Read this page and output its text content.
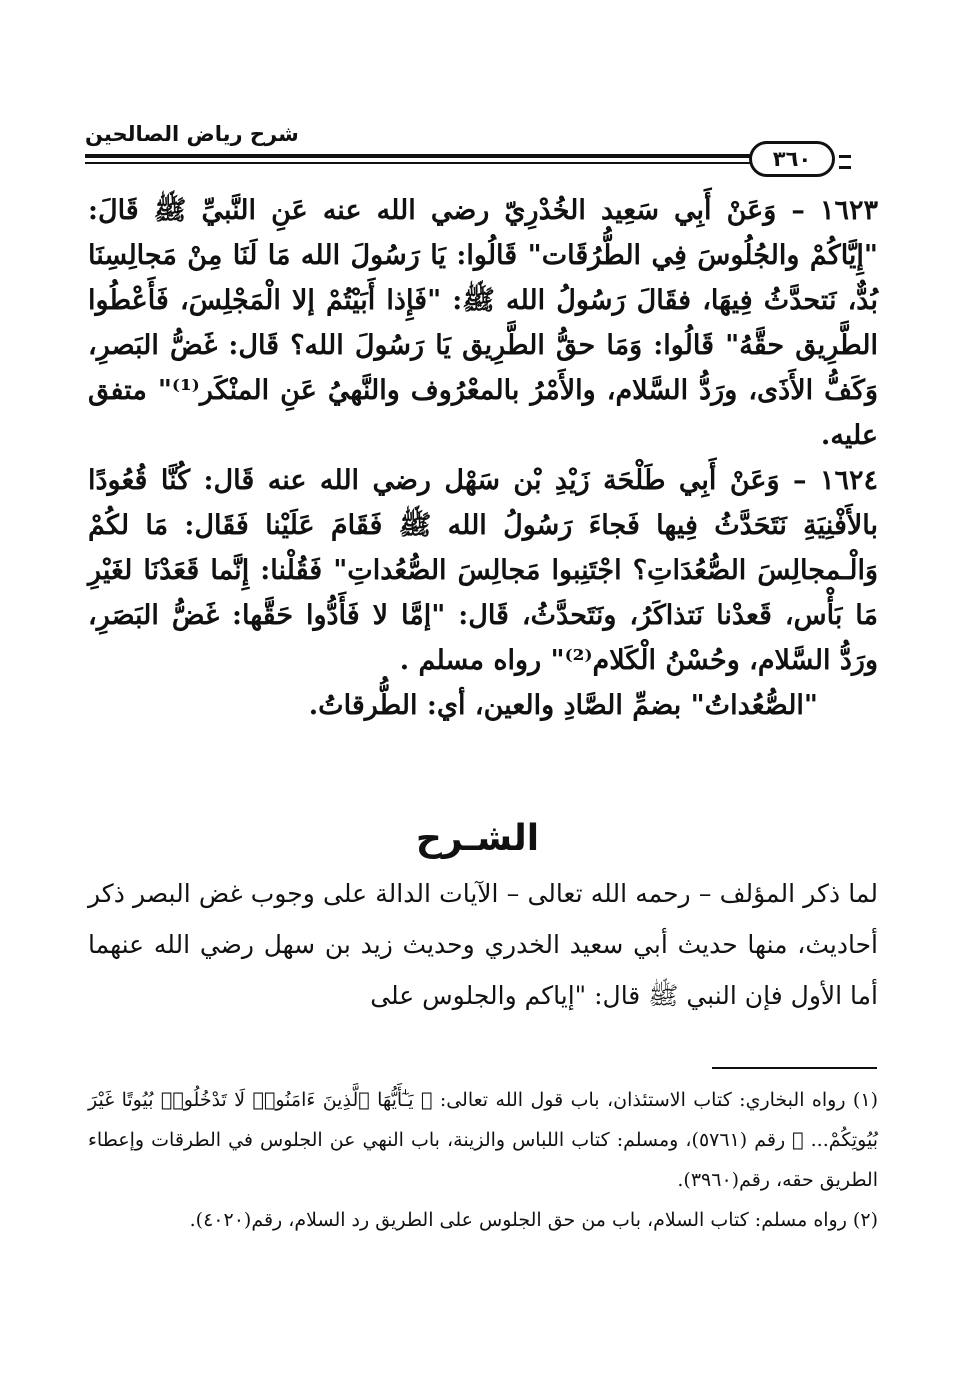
شرح رياض الصالحين
٣٦٠

١٦٢٣ – وَعَنْ أَبِي سَعِيد الخُدْرِيّ رضي الله عنه عَنِ النَّبيِّ ﷺ قَالَ: "إِيَّاكُمْ والجُلُوسَ فِي الطُّرُقَات" قَالُوا: يَا رَسُولَ الله مَا لَنَا مِنْ مَجالِسِنَا بُدٌّ، نَتحدَّثُ فِيهَا، فقَالَ رَسُولُ الله ﷺ: "فَإِذا أَبَيْتُمْ إلا الْمَجْلِسَ، فَأَعْطُوا الطَّرِيق حقَّهُ" قَالُوا: وَمَا حقُّ الطَّرِيق يَا رَسُولَ الله؟ قَال: غَضُّ البَصرِ، وَكَفُّ الأَذَى، ورَدُّ السَّلام، والأَمْرُ بالمعْرُوف والنَّهيُ عَنِ المنْكَر⁽¹⁾" متفق عليه.

١٦٢٤ – وَعَنْ أَبِي طَلْحَة زَيْدِ بْن سَهْل رضي الله عنه قَال: كُنَّا قُعُودًا بالأَفْنِيَةِ نَتَحَدَّثُ فِيها فَجاءَ رَسُولُ الله ﷺ فَقَامَ عَلَيْنا فَقَال: مَا لكُمْ وَالْـمجالِسَ الصُّعُدَاتِ؟ اجْتَنِبوا مَجالِسَ الصُّعُداتِ" فَقُلْنا: إِنَّما قَعَدْنَا لغَيْرِ مَا بَأْس، قَعدْنا نَتذاكَرُ، ونَتَحدَّثُ، قَال: "إمَّا لا فَأَدُّوا حَقَّها: غَضُّ البَصَرِ، ورَدُّ السَّلام، وحُسْنُ الْكَلام⁽²⁾" رواه مسلم .

"الصُّعُداتُ" بضمِّ الصَّادِ والعين، أي: الطُّرقاتُ.

الشـرح
لما ذكر المؤلف – رحمه الله تعالى – الآيات الدالة على وجوب غض البصر ذكر أحاديث، منها حديث أبي سعيد الخدري وحديث زيد بن سهل رضي الله عنهما أما الأول فإن النبي ﷺ قال: "إياكم والجلوس على

(١) رواه البخاري: كتاب الاستئذان، باب قول الله تعالى: ﴿ يَـٰٓأَيُّهَا ٱلَّذِينَ ءَامَنُوا۟ لَا تَدْخُلُوا۟ بُيُوتًا غَيْرَ بُيُوتِكُمْ... ﴾ رقم (٥٧٦١)، ومسلم: كتاب اللباس والزينة، باب النهي عن الجلوس في الطرقات وإعطاء الطريق حقه، رقم(٣٩٦٠).

(٢) رواه مسلم: كتاب السلام، باب من حق الجلوس على الطريق رد السلام، رقم(٤٠٢٠).
